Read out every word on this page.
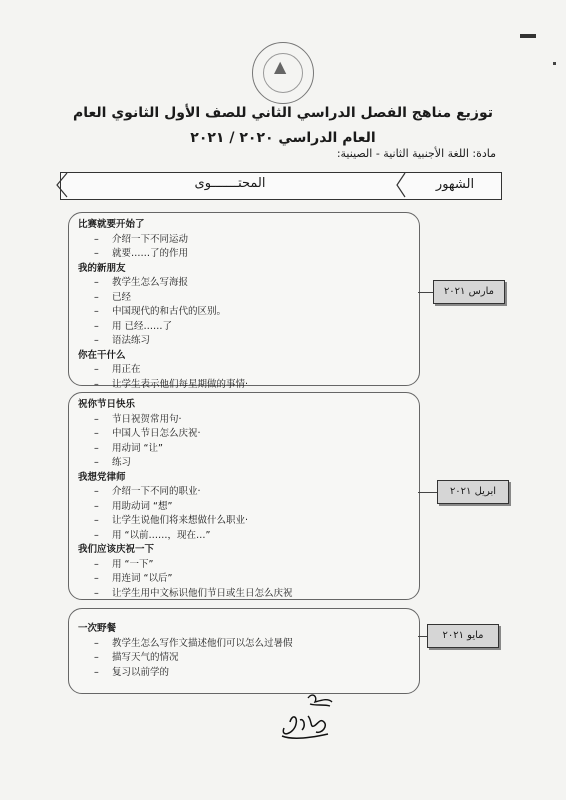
▲
توزيع مناهج الفصل الدراسي الثاني للصف الأول الثانوي العام
العام الدراسي ٢٠٢٠ / ٢٠٢١
مادة: اللغة الأجنبية الثانية - الصينية:
المحتـــــــوى	الشهور
比赛就要开始了
– 介绍一下不同运动
– 就要……了的作用
我的新朋友
– 教学生怎么写海报
– 已经
– 中国现代的和古代的区别。
– 用 已经……了
– 语法练习
你在干什么
– 用正在
– 让学生表示他们每星期做的事情·
祝你节日快乐
– 节日祝贺常用句·
– 中国人节日怎么庆祝·
– 用动词 “让”
– 练习
我想党律师
– 介绍一下不同的职业·
– 用助动词 “想”
– 让学生说他们将来想做什么职业·
– 用 “以前……，现在…”
我们应该庆祝一下
– 用 “一下”
– 用连词 “以后”
– 让学生用中文标识他们节日或生日怎么庆祝
一次野餐
– 教学生怎么写作文描述他们可以怎么过暑假
– 描写天气的情况
– 复习以前学的
مارس ٢٠٢١
ابريل ٢٠٢١
مايو ٢٠٢١
